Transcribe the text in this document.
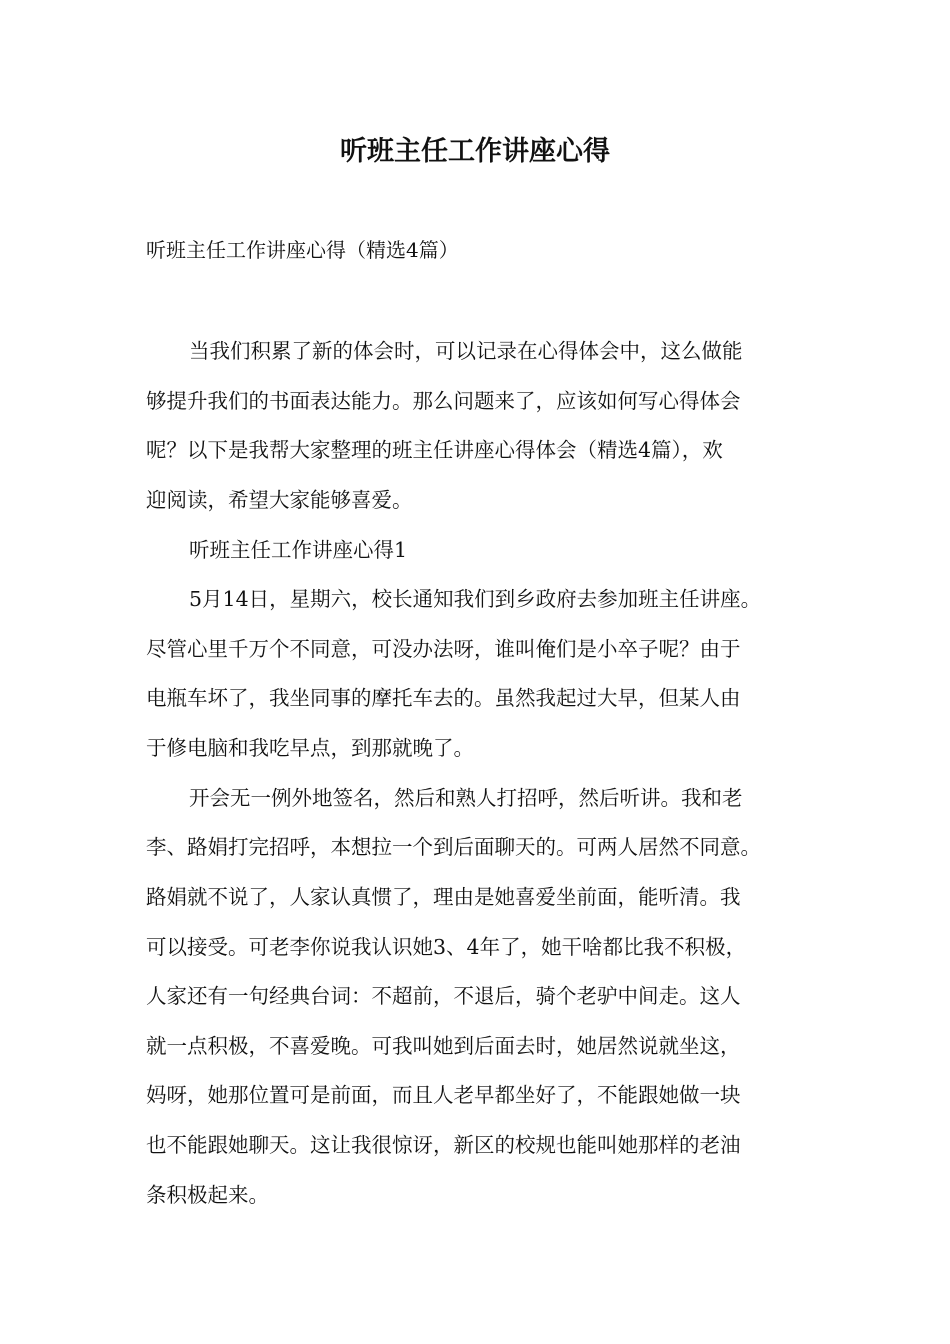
听班主任工作讲座心得
听班主任工作讲座心得（精选4篇）
当我们积累了新的体会时，可以记录在心得体会中，这么做能
够提升我们的书面表达能力。那么问题来了，应该如何写心得体会
呢？以下是我帮大家整理的班主任讲座心得体会（精选4篇），欢
迎阅读，希望大家能够喜爱。
听班主任工作讲座心得1
5月14日，星期六，校长通知我们到乡政府去参加班主任讲座。
尽管心里千万个不同意，可没办法呀，谁叫俺们是小卒子呢？由于
电瓶车坏了，我坐同事的摩托车去的。虽然我起过大早，但某人由
于修电脑和我吃早点，到那就晚了。
开会无一例外地签名，然后和熟人打招呼，然后听讲。我和老
李、路娟打完招呼，本想拉一个到后面聊天的。可两人居然不同意。
路娟就不说了，人家认真惯了，理由是她喜爱坐前面，能听清。我
可以接受。可老李你说我认识她3、4年了，她干啥都比我不积极，
人家还有一句经典台词：不超前，不退后，骑个老驴中间走。这人
就一点积极，不喜爱晚。可我叫她到后面去时，她居然说就坐这，
妈呀，她那位置可是前面，而且人老早都坐好了，不能跟她做一块
也不能跟她聊天。这让我很惊讶，新区的校规也能叫她那样的老油
条积极起来。
